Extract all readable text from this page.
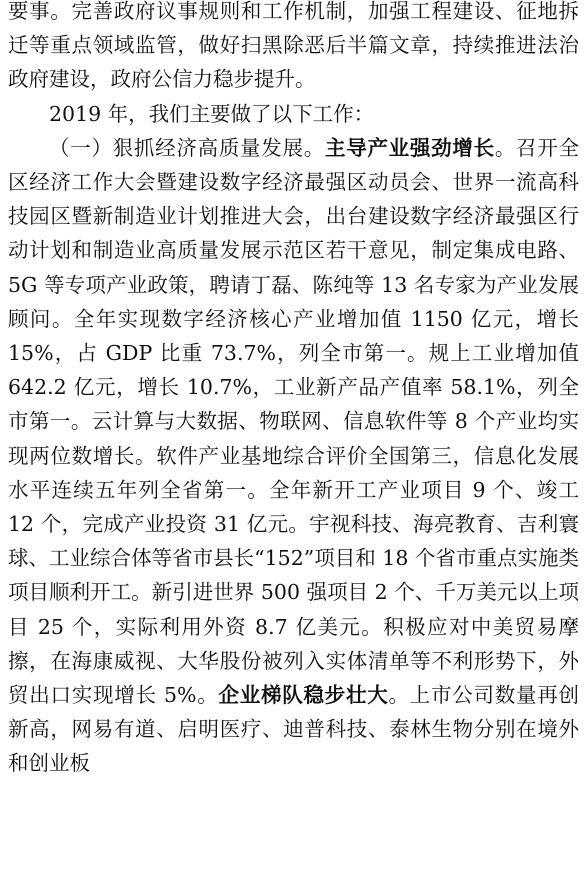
要事。完善政府议事规则和工作机制，加强工程建设、征地拆迁等重点领域监管，做好扫黑除恶后半篇文章，持续推进法治政府建设，政府公信力稳步提升。

2019 年，我们主要做了以下工作：

（一）狠抓经济高质量发展。主导产业强劲增长。召开全区经济工作大会暨建设数字经济最强区动员会、世界一流高科技园区暨新制造业计划推进大会，出台建设数字经济最强区行动计划和制造业高质量发展示范区若干意见，制定集成电路、5G 等专项产业政策，聘请丁磊、陈纯等 13 名专家为产业发展顾问。全年实现数字经济核心产业增加值 1150 亿元，增长 15%，占 GDP 比重 73.7%，列全市第一。规上工业增加值 642.2 亿元，增长 10.7%，工业新产品产值率 58.1%，列全市第一。云计算与大数据、物联网、信息软件等 8 个产业均实现两位数增长。软件产业基地综合评价全国第三，信息化发展水平连续五年列全省第一。全年新开工产业项目 9 个、竣工 12 个，完成产业投资 31 亿元。宇视科技、海亮教育、吉利寰球、工业综合体等省市县长“152”项目和 18 个省市重点实施类项目顺利开工。新引进世界 500 强项目 2 个、千万美元以上项目 25 个，实际利用外资 8.7 亿美元。积极应对中美贸易摩擦，在海康威视、大华股份被列入实体清单等不利形势下，外贸出口实现增长 5%。企业梯队稳步壮大。上市公司数量再创新高，网易有道、启明医疗、迪普科技、泰林生物分别在境外和创业板
